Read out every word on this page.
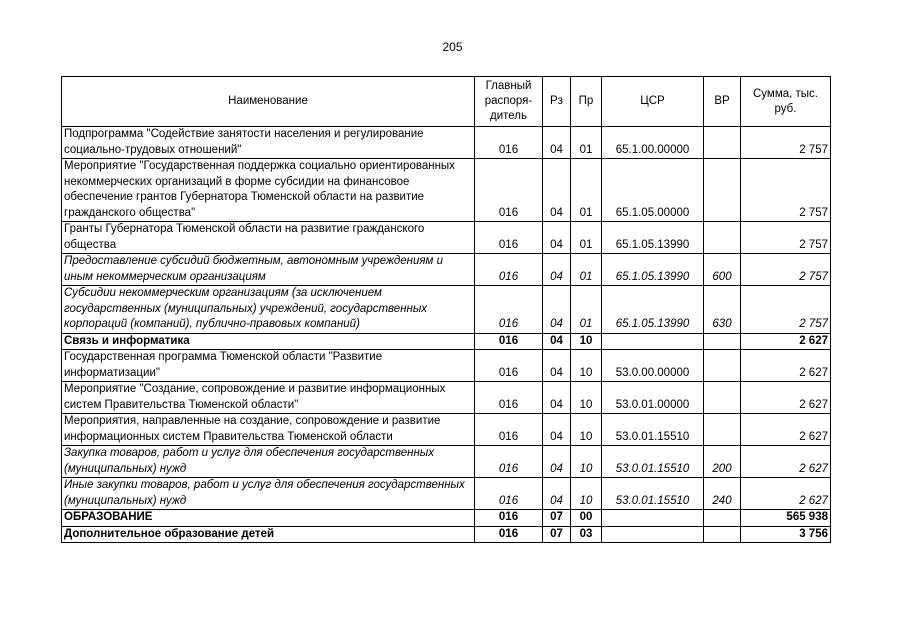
205
Наименование	Главный распоря-дитель	Рз	Пр	ЦСР	ВР	Сумма, тыс. руб.
Подпрограмма "Содействие занятости населения и регулирование социально-трудовых отношений"	016	04	01	65.1.00.00000		2 757
Мероприятие "Государственная поддержка социально ориентированных некоммерческих организаций в форме субсидии на финансовое обеспечение грантов Губернатора Тюменской области на развитие гражданского общества"	016	04	01	65.1.05.00000		2 757
Гранты Губернатора Тюменской области на развитие гражданского общества	016	04	01	65.1.05.13990		2 757
Предоставление субсидий бюджетным, автономным учреждениям и иным некоммерческим организациям	016	04	01	65.1.05.13990	600	2 757
Субсидии некоммерческим организациям (за исключением государственных (муниципальных) учреждений, государственных корпораций (компаний), публично-правовых компаний)	016	04	01	65.1.05.13990	630	2 757
Связь и информатика	016	04	10			2 627
Государственная программа Тюменской области "Развитие информатизации"	016	04	10	53.0.00.00000		2 627
Мероприятие "Создание, сопровождение и развитие информационных систем Правительства Тюменской области"	016	04	10	53.0.01.00000		2 627
Мероприятия, направленные на создание, сопровождение и развитие информационных систем Правительства Тюменской области	016	04	10	53.0.01.15510		2 627
Закупка товаров, работ и услуг для обеспечения государственных (муниципальных) нужд	016	04	10	53.0.01.15510	200	2 627
Иные закупки товаров, работ и услуг для обеспечения государственных (муниципальных) нужд	016	04	10	53.0.01.15510	240	2 627
ОБРАЗОВАНИЕ	016	07	00			565 938
Дополнительное образование детей	016	07	03			3 756
